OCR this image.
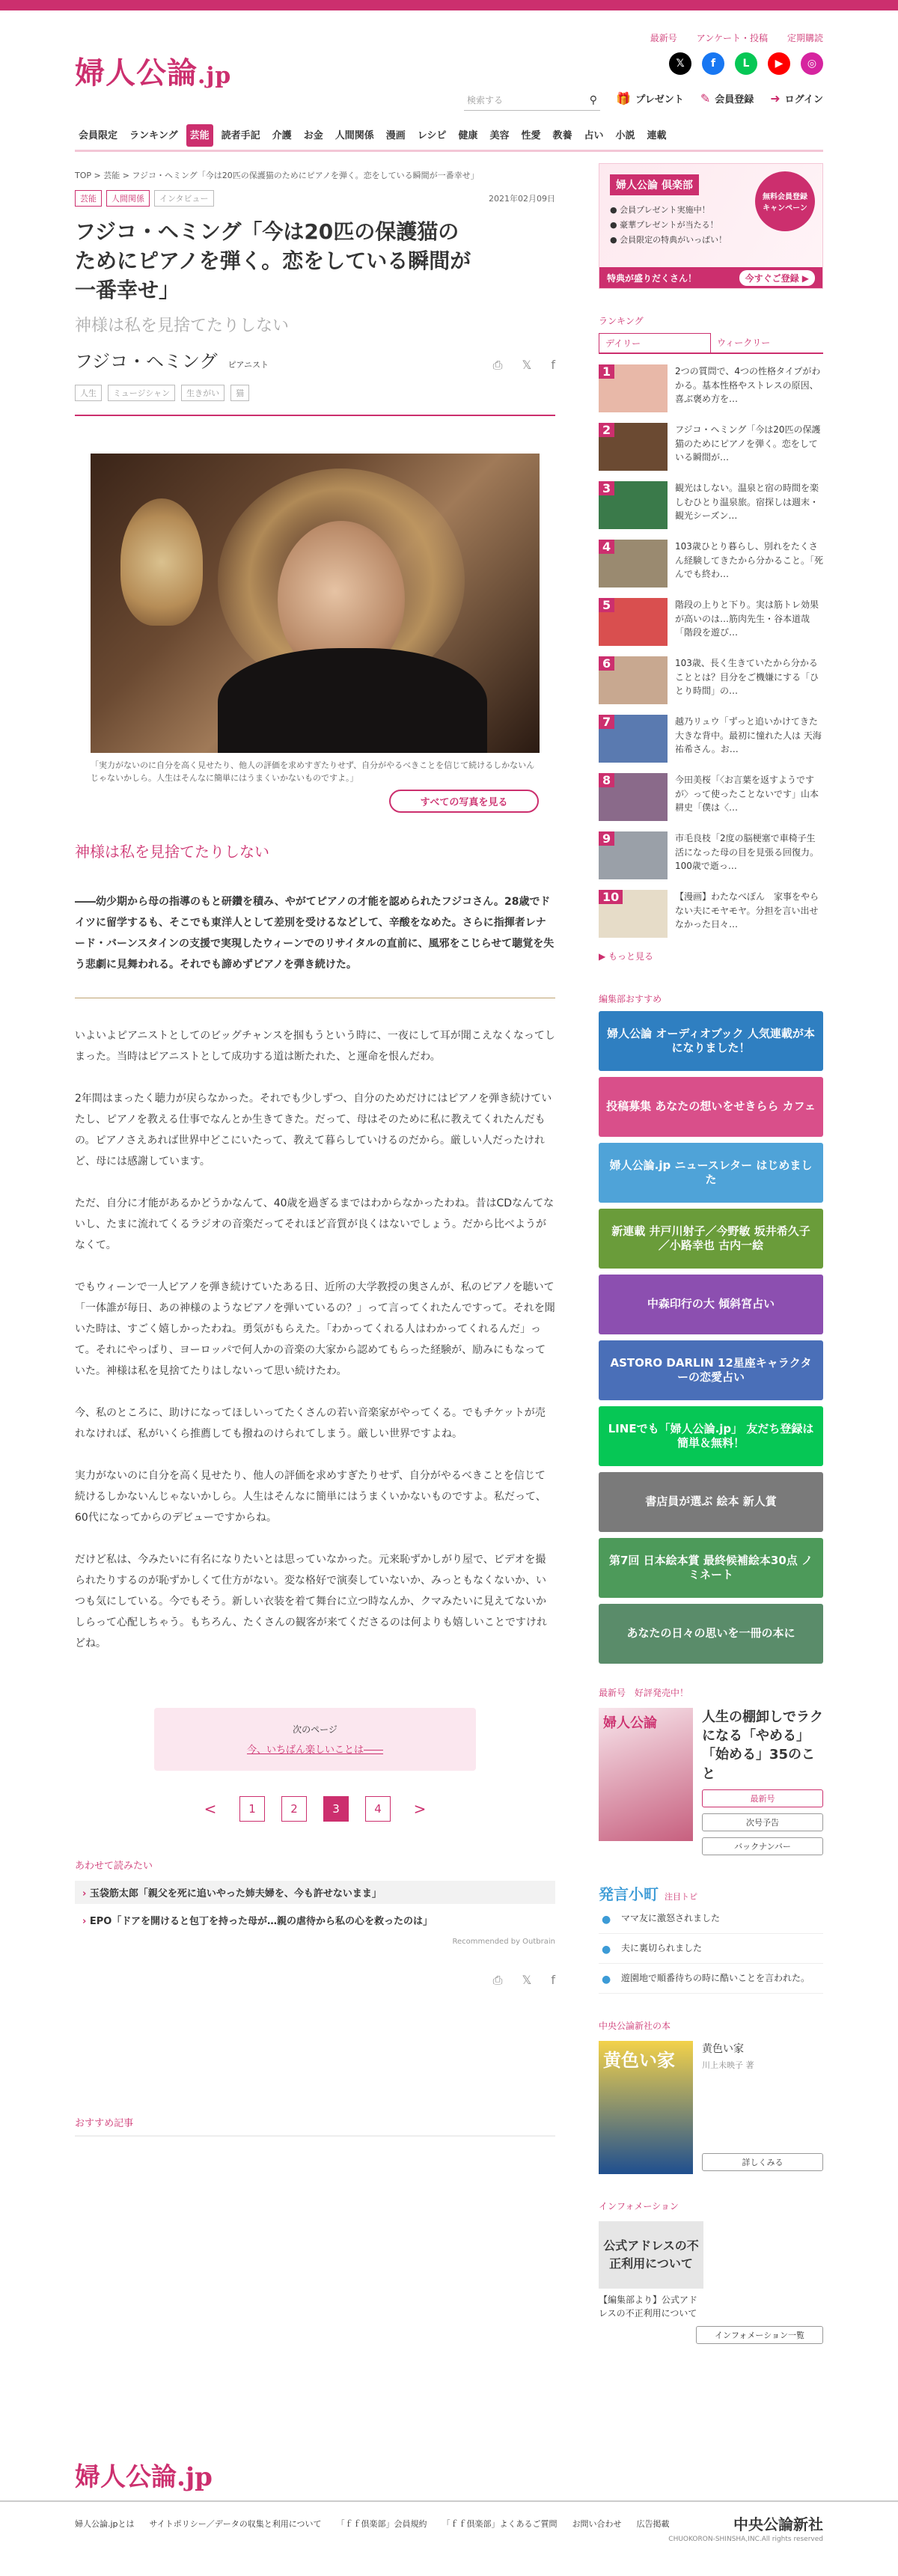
婦人公論.jp
最新号 アンケート・投稿 定期購読
𝕏	f	L	▶	◎
検索する	⚲ 🎁 プレゼント ✎ 会員登録 ➜ ログイン
会員限定	ランキング	芸能	読者手記	介護	お金	人間関係	漫画	レシピ	健康	美容	性愛	教養	占い	小説	連載
TOP > 芸能 > フジコ・ヘミング「今は20匹の保護猫のためにピアノを弾く。恋をしている瞬間が一番幸せ」
芸能	人間関係	インタビュー	2021年02月09日
フジコ・ヘミング「今は20匹の保護猫のためにピアノを弾く。恋をしている瞬間が一番幸せ」
神様は私を見捨てたりしない
フジコ・ヘミング ピアニスト	⎙ 𝕏 f
人生	ミュージシャン	生きがい	猫
「実力がないのに自分を高く見せたり、他人の評価を求めすぎたりせず、自分がやるべきことを信じて続けるしかないんじゃないかしら。人生はそんなに簡単にはうまくいかないものですよ。」
すべての写真を見る
神様は私を見捨てたりしない

――幼少期から母の指導のもと研鑽を積み、やがてピアノの才能を認められたフジコさん。28歳でドイツに留学するも、そこでも東洋人として差別を受けるなどして、辛酸をなめた。さらに指揮者レナード・バーンスタインの支援で実現したウィーンでのリサイタルの直前に、風邪をこじらせて聴覚を失う悲劇に見舞われる。それでも諦めずピアノを弾き続けた。

いよいよピアニストとしてのビッグチャンスを掴もうという時に、一夜にして耳が聞こえなくなってしまった。当時はピアニストとして成功する道は断たれた、と運命を恨んだわ。

2年間はまったく聴力が戻らなかった。それでも少しずつ、自分のためだけにはピアノを弾き続けていたし、ピアノを教える仕事でなんとか生きてきた。だって、母はそのために私に教えてくれたんだもの。ピアノさえあれば世界中どこにいたって、教えて暮らしていけるのだから。厳しい人だったけれど、母には感謝しています。

ただ、自分に才能があるかどうかなんて、40歳を過ぎるまではわからなかったわね。昔はCDなんてないし、たまに流れてくるラジオの音楽だってそれほど音質が良くはないでしょう。だから比べようがなくて。

でもウィーンで一人ピアノを弾き続けていたある日、近所の大学教授の奥さんが、私のピアノを聴いて「一体誰が毎日、あの神様のようなピアノを弾いているの？」って言ってくれたんですって。それを聞いた時は、すごく嬉しかったわね。勇気がもらえた。「わかってくれる人はわかってくれるんだ」って。それにやっぱり、ヨーロッパで何人かの音楽の大家から認めてもらった経験が、励みにもなっていた。神様は私を見捨てたりはしないって思い続けたわ。

今、私のところに、助けになってほしいってたくさんの若い音楽家がやってくる。でもチケットが売れなければ、私がいくら推薦しても撥ねのけられてしまう。厳しい世界ですよね。

実力がないのに自分を高く見せたり、他人の評価を求めすぎたりせず、自分がやるべきことを信じて続けるしかないんじゃないかしら。人生はそんなに簡単にはうまくいかないものですよ。私だって、60代になってからのデビューですからね。

だけど私は、今みたいに有名になりたいとは思っていなかった。元来恥ずかしがり屋で、ビデオを撮られたりするのが恥ずかしくて仕方がない。変な格好で演奏していないか、みっともなくないか、いつも気にしている。今でもそう。新しい衣装を着て舞台に立つ時なんか、クマみたいに見えてないかしらって心配しちゃう。もちろん、たくさんの観客が来てくださるのは何よりも嬉しいことですけれどね。

次のページ
今、いちばん楽しいことは――
<	1	2	3	4	>
あわせて読みたい
› 玉袋筋太郎「親父を死に追いやった姉夫婦を、今も許せないまま」
› EPO「ドアを開けると包丁を持った母が…親の虐待から私の心を救ったのは」
Recommended by Outbrain
⎙ 𝕏 f
おすすめ記事
婦人公論 倶楽部
無料会員登録キャンペーン
● 会員プレゼント実施中！
● 豪華プレゼントが当たる！
● 会員限定の特典がいっぱい！
特典が盛りだくさん！	今すぐご登録 ▶
ランキング
デイリー	ウィークリー
1	2つの質問で、4つの性格タイプがわかる。基本性格やストレスの原因、喜ぶ褒め方を…
2	フジコ・ヘミング「今は20匹の保護猫のためにピアノを弾く。恋をしている瞬間が…
3	観光はしない。温泉と宿の時間を楽しむひとり温泉旅。宿探しは週末・観光シーズン…
4	103歳ひとり暮らし、別れをたくさん経験してきたから分かること。「死んでも終わ…
5	階段の上りと下り。実は筋トレ効果が高いのは…筋肉先生・谷本道哉「階段を遊び…
6	103歳、長く生きていたから分かることとは？目分をご機嫌にする「ひとり時間」の…
7	越乃リュウ「ずっと追いかけてきた大きな背中。最初に憧れた人は 天海祐希さん。お…
8	今田美桜「〈お言葉を返すようですが〉って使ったことないです」山本耕史「僕は〈…
9	市毛良枝「2度の脳梗塞で車椅子生活になった母の目を見張る回復力。100歳で逝っ…
10	【漫画】わたなべぽん　家事をやらない夫にモヤモヤ。分担を言い出せなかった日々…
▶ もっと見る
編集部おすすめ
婦人公論 オーディオブック 人気連載が本になりました！
投稿募集 あなたの想いをせきらら カフェ
婦人公論.jp ニュースレター はじめました
新連載 井戸川射子／今野敏 坂井希久子／小路幸也 古内一絵
中森印行の大 傾斜宮占い
ASTORO DARLIN 12星座キャラクターの恋愛占い
LINEでも「婦人公論.jp」 友だち登録は簡単＆無料！
書店員が選ぶ 絵本 新人賞
第7回 日本絵本賞 最終候補絵本30点 ノミネート
あなたの日々の思いを一冊の本に
最新号　好評発売中！
婦人公論	人生の棚卸しでラクになる「やめる」「始める」35のこと
最新号
次号予告
バックナンバー
発言小町 注目トピ
● ママ友に激怒されました
● 夫に裏切られました
● 遊園地で順番待ちの時に酷いことを言われた。
中央公論新社の本
黄色い家	黄色い家
川上未映子 著
詳しくみる
インフォメーション
公式アドレスの不正利用について
【編集部より】公式アドレスの不正利用について
インフォメーション一覧
婦人公論.jp
婦人公論.jpとは サイトポリシー／データの収集と利用について 「ｆｆ倶楽部」会員規約 「ｆｆ倶楽部」よくあるご質問 お問い合わせ 広告掲載	中央公論新社
CHUOKORON-SHINSHA,INC.All rights reserved
